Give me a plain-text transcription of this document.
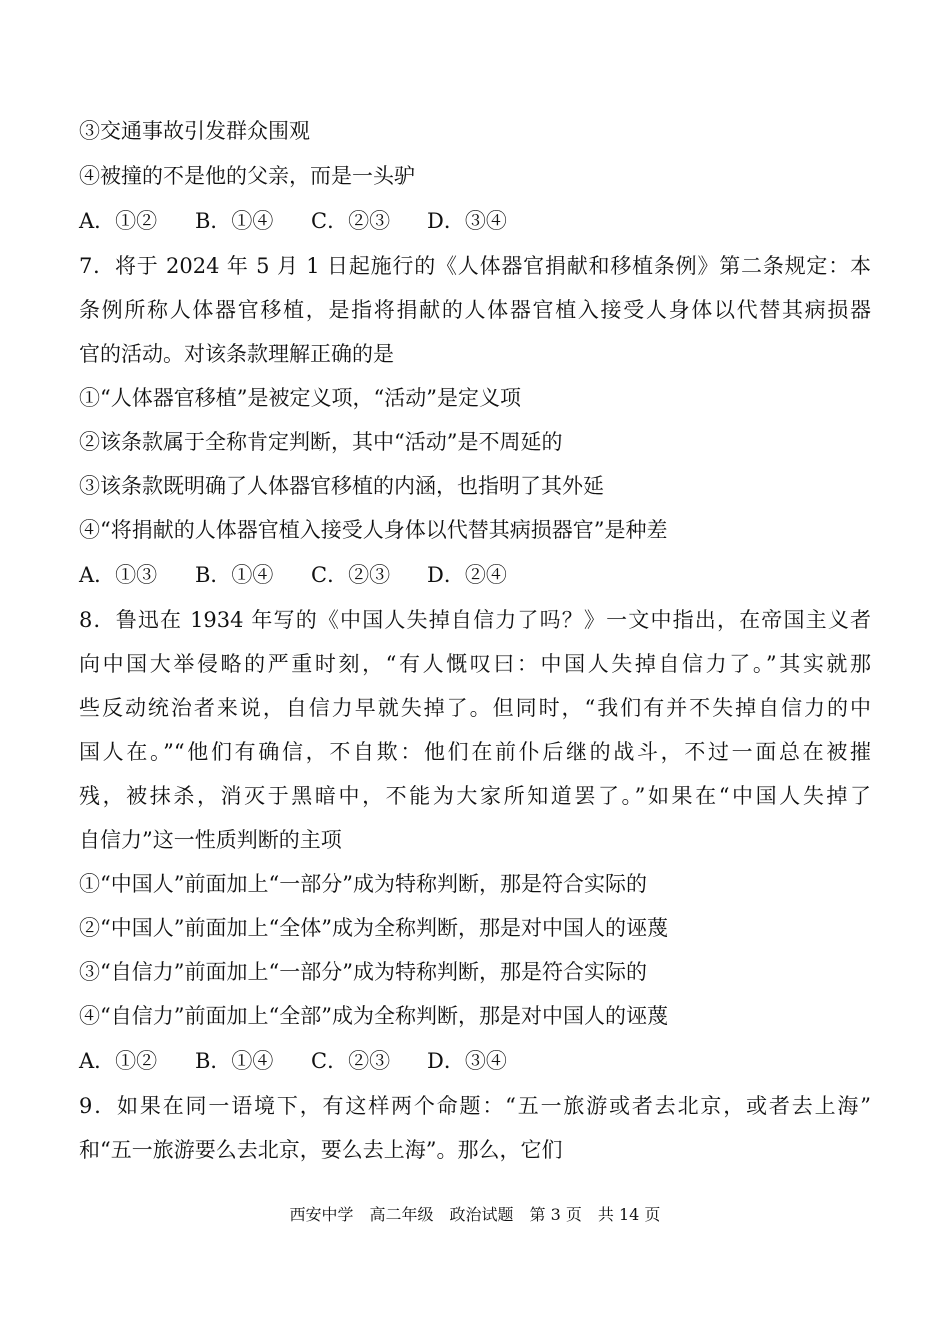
③交通事故引发群众围观
④被撞的不是他的父亲，而是一头驴
A．①②	B．①④	C．②③	D．③④
7．将于 2024 年 5 月 1 日起施行的《人体器官捐献和移植条例》第二条规定：本
条例所称人体器官移植，是指将捐献的人体器官植入接受人身体以代替其病损器
官的活动。对该条款理解正确的是
①“人体器官移植”是被定义项，“活动”是定义项
②该条款属于全称肯定判断，其中“活动”是不周延的
③该条款既明确了人体器官移植的内涵，也指明了其外延
④“将捐献的人体器官植入接受人身体以代替其病损器官”是种差
A．①③	B．①④	C．②③	D．②④
8．鲁迅在 1934 年写的《中国人失掉自信力了吗？》一文中指出，在帝国主义者
向中国大举侵略的严重时刻，“有人慨叹曰：中国人失掉自信力了。”其实就那
些反动统治者来说，自信力早就失掉了。但同时，“我们有并不失掉自信力的中
国人在。”“他们有确信，不自欺：他们在前仆后继的战斗，不过一面总在被摧
残，被抹杀，消灭于黑暗中，不能为大家所知道罢了。”如果在“中国人失掉了
自信力”这一性质判断的主项
①“中国人”前面加上“一部分”成为特称判断，那是符合实际的
②“中国人”前面加上“全体”成为全称判断，那是对中国人的诬蔑
③“自信力”前面加上“一部分”成为特称判断，那是符合实际的
④“自信力”前面加上“全部”成为全称判断，那是对中国人的诬蔑
A．①②	B．①④	C．②③	D．③④
9．如果在同一语境下，有这样两个命题：“五一旅游或者去北京，或者去上海”
和“五一旅游要么去北京，要么去上海”。那么，它们
西安中学　高二年级　政治试题　第 3 页　共 14 页
